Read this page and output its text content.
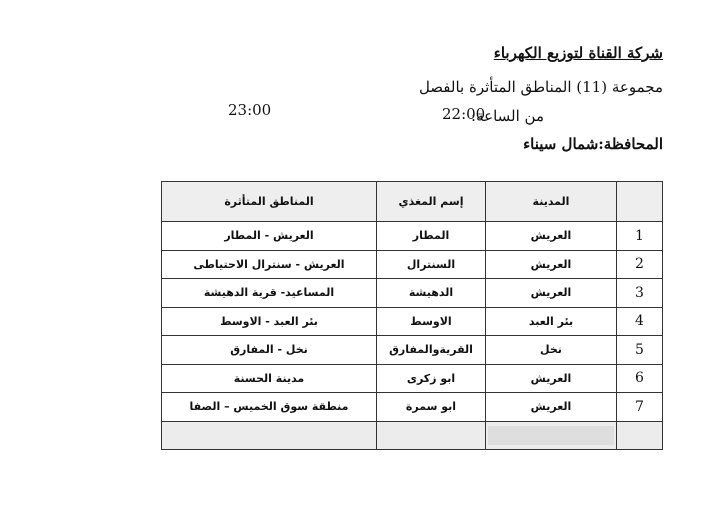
شركة القناة لتوزيع الكهرباء
مجموعة (11) المناطق المتأثرة بالفصل
من الساعة:
22:00
23:00
المحافظة:شمال سيناء
	المدينة	إسم المغذي	المناطق المتأثرة
1	العريش	المطار	العريش - المطار
2	العريش	السنترال	العريش - سنترال الاحتياطى
3	العريش	الدهيشة	المساعيد- قرية الدهيشة
4	بئر العبد	الاوسط	بئر العبد - الاوسط
5	نخل	القريةوالمفارق	نخل - المفارق
6	العريش	ابو زكرى	مدينة الحسنة
7	العريش	ابو سمرة	منطقة سوق الخميس – الصفا
